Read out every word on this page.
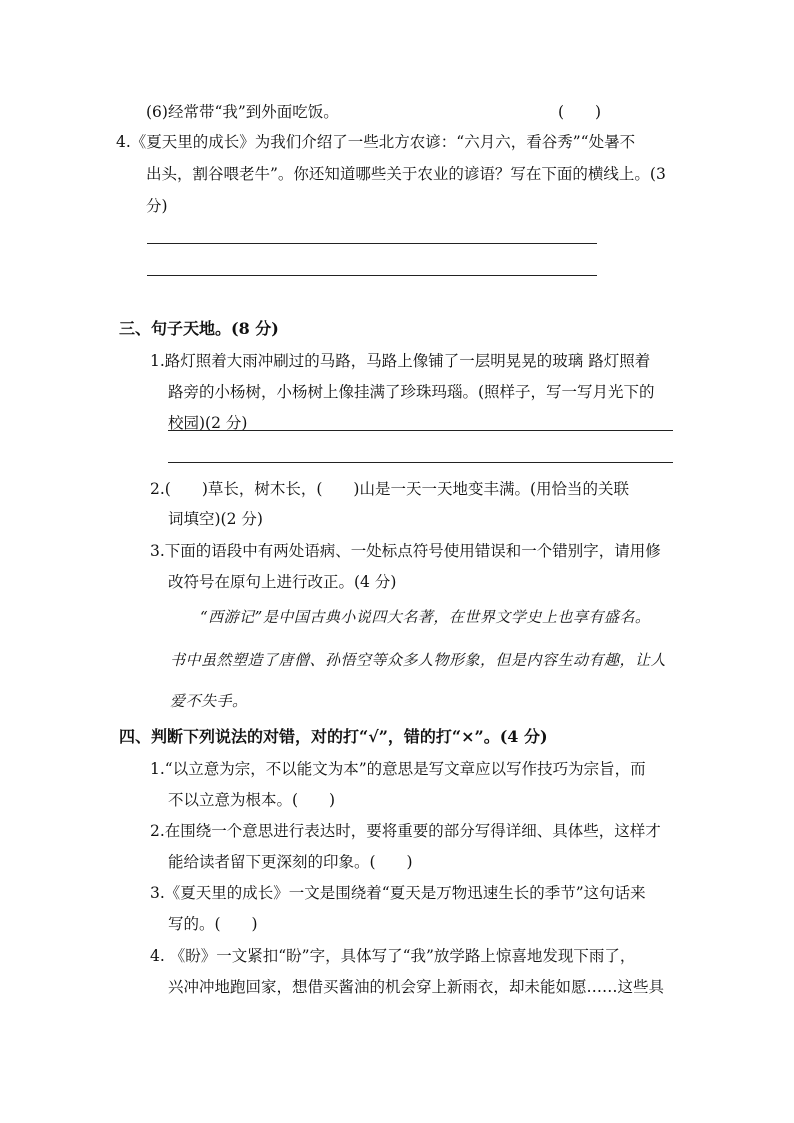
(6)经常带“我”到外面吃饭。	(　　)
4.《夏天里的成长》为我们介绍了一些北方农谚：“六月六，看谷秀”“处暑不
出头，割谷喂老牛”。你还知道哪些关于农业的谚语？写在下面的横线上。(3
分)
三、句子天地。(8 分)
1.路灯照着大雨冲刷过的马路，马路上像铺了一层明晃晃的玻璃 路灯照着
路旁的小杨树，小杨树上像挂满了珍珠玛瑙。(照样子，写一写月光下的
校园)(2 分)
2.(　　)草长，树木长，(　　)山是一天一天地变丰满。(用恰当的关联
词填空)(2 分)
3.下面的语段中有两处语病、一处标点符号使用错误和一个错别字，请用修
改符号在原句上进行改正。(4 分)
“西游记”是中国古典小说四大名著，在世界文学史上也享有盛名。
书中虽然塑造了唐僧、孙悟空等众多人物形象，但是内容生动有趣，让人
爱不失手。
四、判断下列说法的对错，对的打“√”，错的打“×”。(4 分)
1.“以立意为宗，不以能文为本”的意思是写文章应以写作技巧为宗旨，而
不以立意为根本。(　　)
2.在围绕一个意思进行表达时，要将重要的部分写得详细、具体些，这样才
能给读者留下更深刻的印象。(　　)
3.《夏天里的成长》一文是围绕着“夏天是万物迅速生长的季节”这句话来
写的。(　　)
4. 《盼》一文紧扣“盼”字，具体写了“我”放学路上惊喜地发现下雨了，
兴冲冲地跑回家，想借买酱油的机会穿上新雨衣，却未能如愿……这些具
